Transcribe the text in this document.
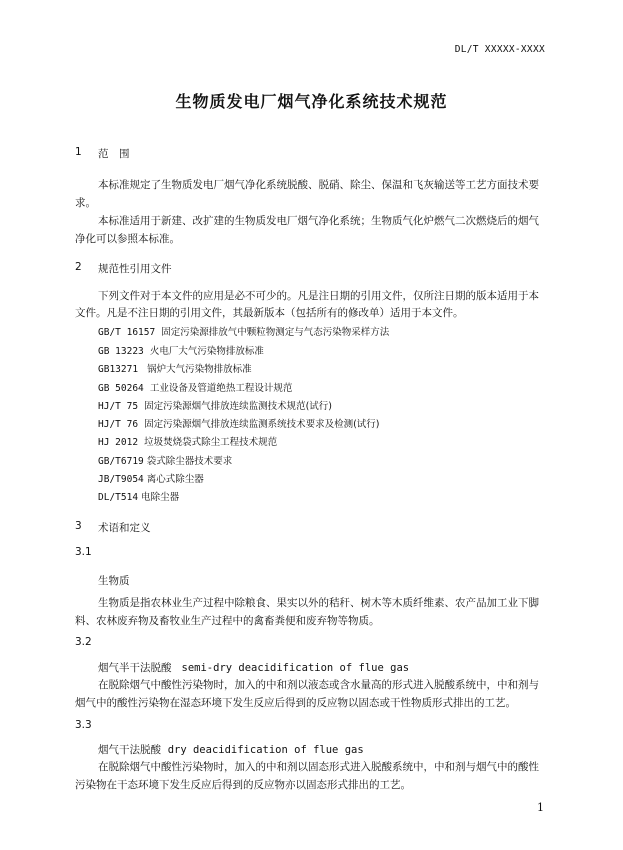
DL/T XXXXX-XXXX
生物质发电厂烟气净化系统技术规范
1 范　围
本标准规定了生物质发电厂烟气净化系统脱酸、脱硝、除尘、保温和飞灰输送等工艺方面技术要
求。
本标准适用于新建、改扩建的生物质发电厂烟气净化系统；生物质气化炉燃气二次燃烧后的烟气
净化可以参照本标准。
2 规范性引用文件
下列文件对于本文件的应用是必不可少的。凡是注日期的引用文件，仅所注日期的版本适用于本
文件。凡是不注日期的引用文件，其最新版本（包括所有的修改单）适用于本文件。
GB/T 16157 固定污染源排放气中颗粒物测定与气态污染物采样方法
GB 13223 火电厂大气污染物排放标准
GB13271 锅炉大气污染物排放标准
GB 50264 工业设备及管道绝热工程设计规范
HJ/T 75 固定污染源烟气排放连续监测技术规范(试行)
HJ/T 76 固定污染源烟气排放连续监测系统技术要求及检测(试行)
HJ 2012 垃圾焚烧袋式除尘工程技术规范
GB/T6719 袋式除尘器技术要求
JB/T9054 离心式除尘器
DL/T514 电除尘器
3 术语和定义
3.1
生物质
生物质是指农林业生产过程中除粮食、果实以外的秸秆、树木等木质纤维素、农产品加工业下脚
料、农林废弃物及畜牧业生产过程中的禽畜粪便和废弃物等物质。
3.2
烟气半干法脱酸 semi-dry deacidification of flue gas
在脱除烟气中酸性污染物时，加入的中和剂以液态或含水量高的形式进入脱酸系统中，中和剂与
烟气中的酸性污染物在湿态环境下发生反应后得到的反应物以固态或干性物质形式排出的工艺。
3.3
烟气干法脱酸 dry deacidification of flue gas
在脱除烟气中酸性污染物时，加入的中和剂以固态形式进入脱酸系统中，中和剂与烟气中的酸性
污染物在干态环境下发生反应后得到的反应物亦以固态形式排出的工艺。
1
